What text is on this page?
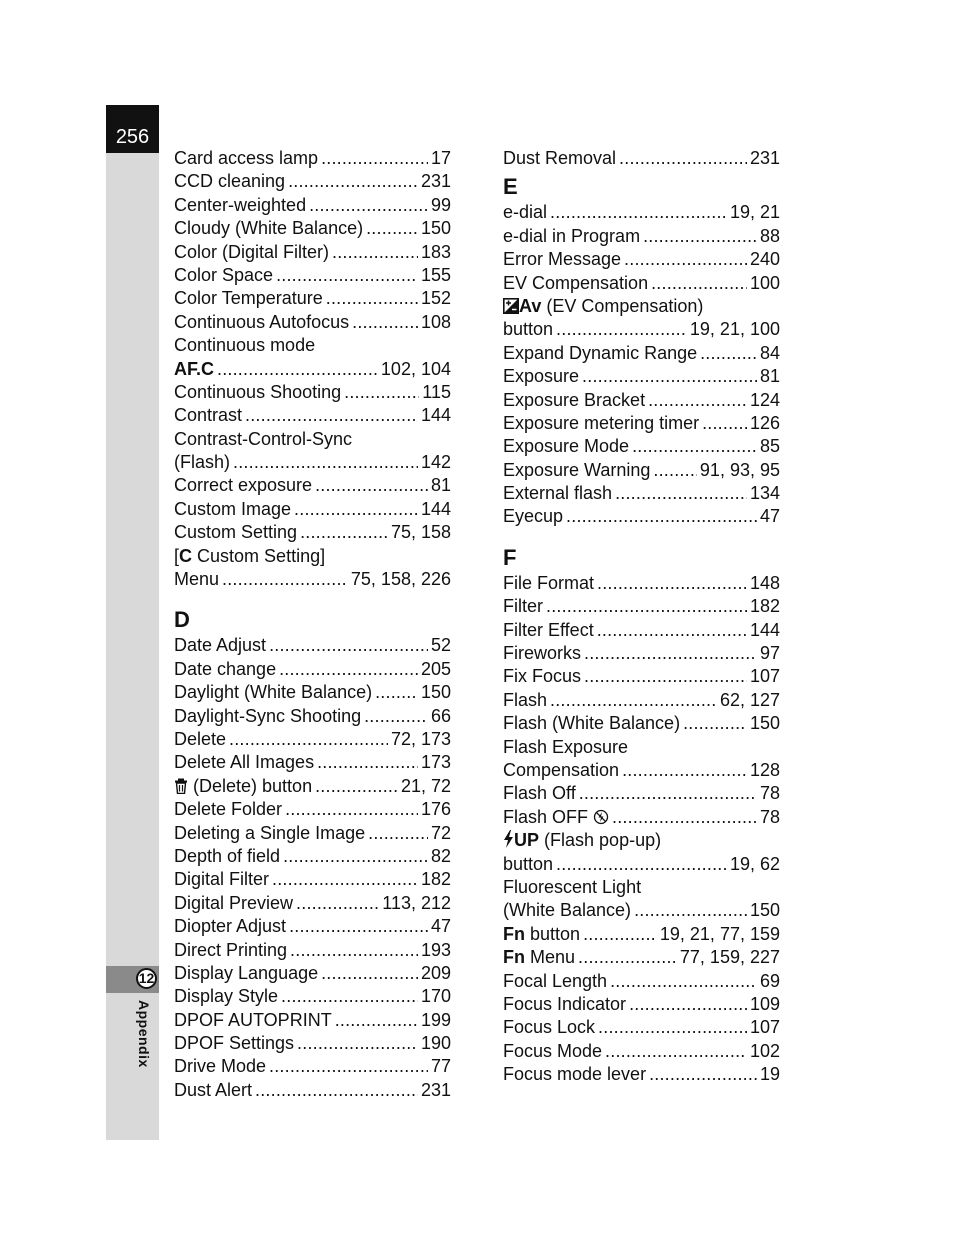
256
12
Appendix
Card access lamp .....	17
CCD cleaning .....	231
Center-weighted .....	99
Cloudy (White Balance) .....	150
Color (Digital Filter) .....	183
Color Space .....	155
Color Temperature .....	152
Continuous Autofocus .....	108
Continuous mode
AF.C .....	102, 104
Continuous Shooting .....	115
Contrast .....	144
Contrast-Control-Sync
(Flash) .....	142
Correct exposure .....	81
Custom Image .....	144
Custom Setting .....	75, 158
[C Custom Setting]
Menu .....	75, 158, 226
D
Date Adjust .....	52
Date change .....	205
Daylight (White Balance) .....	150
Daylight-Sync Shooting .....	66
Delete .....	72, 173
Delete All Images .....	173
(Delete) button .....	21, 72
Delete Folder .....	176
Deleting a Single Image .....	72
Depth of field .....	82
Digital Filter .....	182
Digital Preview .....	113, 212
Diopter Adjust .....	47
Direct Printing .....	193
Display Language .....	209
Display Style .....	170
DPOF AUTOPRINT .....	199
DPOF Settings .....	190
Drive Mode .....	77
Dust Alert .....	231
Dust Removal .....	231
E
e-dial .....	19, 21
e-dial in Program .....	88
Error Message .....	240
EV Compensation .....	100
Av (EV Compensation)
button .....	19, 21, 100
Expand Dynamic Range .....	84
Exposure .....	81
Exposure Bracket .....	124
Exposure metering timer .....	126
Exposure Mode .....	85
Exposure Warning .....	91, 93, 95
External flash .....	134
Eyecup .....	47
F
File Format .....	148
Filter .....	182
Filter Effect .....	144
Fireworks .....	97
Fix Focus .....	107
Flash .....	62, 127
Flash (White Balance) .....	150
Flash Exposure
Compensation .....	128
Flash Off .....	78
Flash OFF .....	78
UP (Flash pop-up)
button .....	19, 62
Fluorescent Light
(White Balance) .....	150
Fn button .....	19, 21, 77, 159
Fn Menu .....	77, 159, 227
Focal Length .....	69
Focus Indicator .....	109
Focus Lock .....	107
Focus Mode .....	102
Focus mode lever .....	19
